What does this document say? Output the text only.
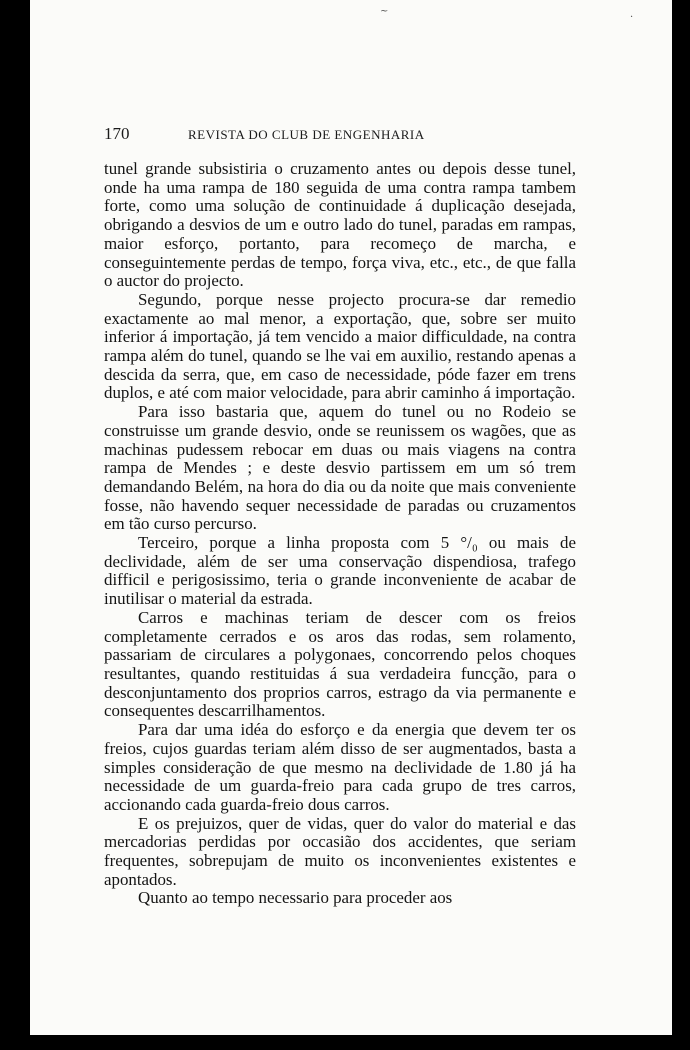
~
·
170	REVISTA DO CLUB DE ENGENHARIA

tunel grande subsistiria o cruzamento antes ou depois desse tunel, onde ha uma rampa de 180 seguida de uma contra rampa tambem forte, como uma solução de continuidade á duplicação desejada, obrigando a desvios de um e outro lado do tunel, paradas em rampas, maior esforço, portanto, para recomeço de marcha, e conseguintemente perdas de tempo, força viva, etc., etc., de que falla o auctor do projecto.

Segundo, porque nesse projecto procura-se dar remedio exactamente ao mal menor, a exportação, que, sobre ser muito inferior á importação, já tem vencido a maior difficuldade, na contra rampa além do tunel, quando se lhe vai em auxilio, restando apenas a descida da serra, que, em caso de necessidade, póde fazer em trens duplos, e até com maior velocidade, para abrir caminho á importação.

Para isso bastaria que, aquem do tunel ou no Rodeio se construisse um grande desvio, onde se reunissem os wagões, que as machinas pudessem rebocar em duas ou mais viagens na contra rampa de Mendes ; e deste desvio partissem em um só trem demandando Belém, na hora do dia ou da noite que mais conveniente fosse, não havendo sequer necessidade de paradas ou cruzamentos em tão curso percurso.

Terceiro, porque a linha proposta com 5 °/₀ ou mais de declividade, além de ser uma conservação dispendiosa, trafego difficil e perigosissimo, teria o grande inconveniente de acabar de inutilisar o material da estrada.

Carros e machinas teriam de descer com os freios completamente cerrados e os aros das rodas, sem rolamento, passariam de circulares a polygonaes, concorrendo pelos choques resultantes, quando restituidas á sua verdadeira funcção, para o desconjuntamento dos proprios carros, estrago da via permanente e consequentes descarrilhamentos.

Para dar uma idéa do esforço e da energia que devem ter os freios, cujos guardas teriam além disso de ser augmentados, basta a simples consideração de que mesmo na declividade de 1.80 já ha necessidade de um guarda-freio para cada grupo de tres carros, accionando cada guarda-freio dous carros.

E os prejuizos, quer de vidas, quer do valor do material e das mercadorias perdidas por occasião dos accidentes, que seriam frequentes, sobrepujam de muito os inconvenientes existentes e apontados.

Quanto ao tempo necessario para proceder aos
